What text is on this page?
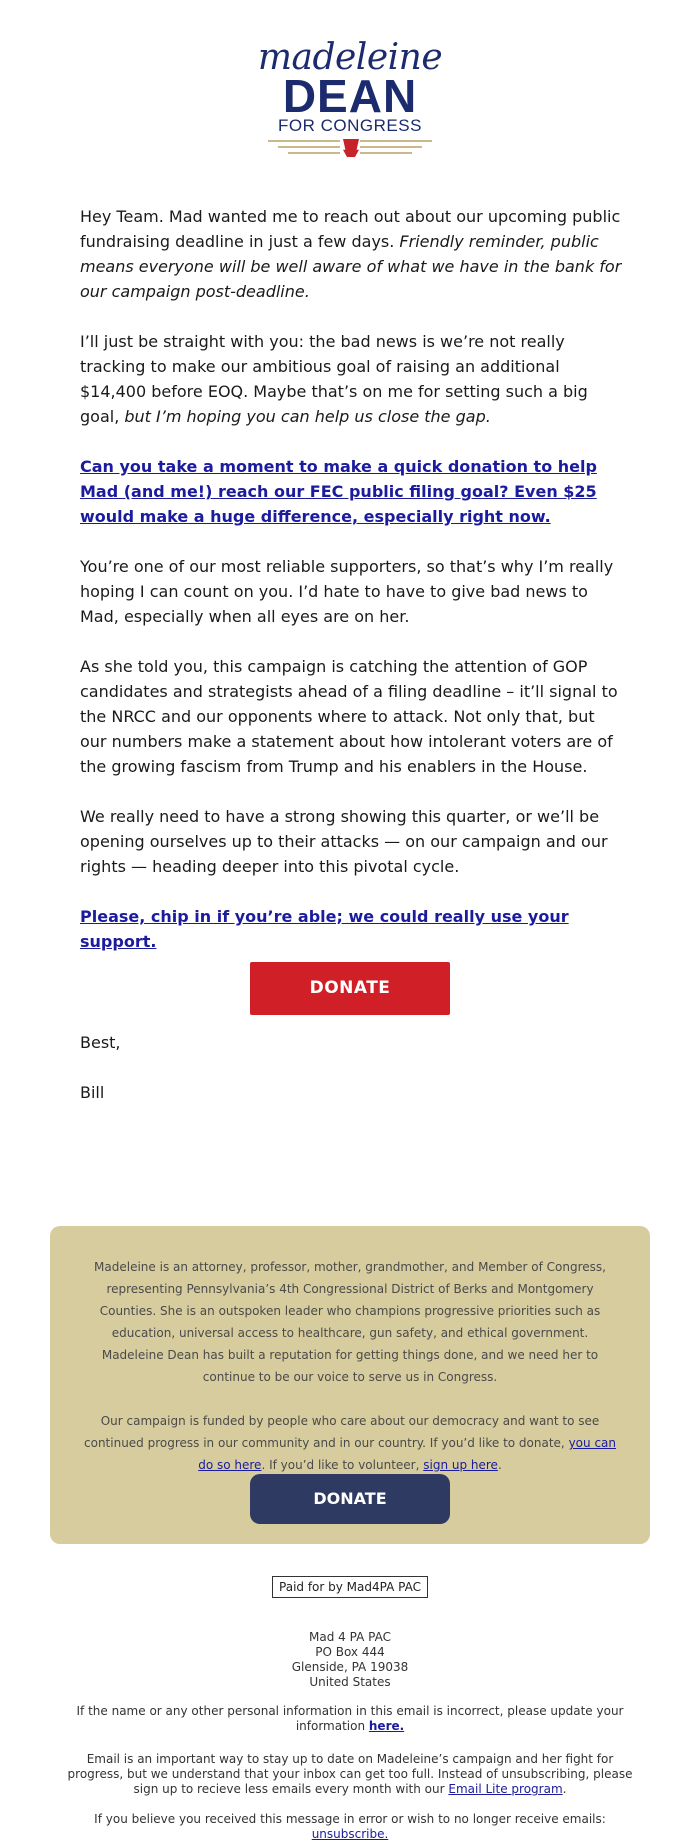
madeleine
DEAN
FOR CONGRESS

Hey Team. Mad wanted me to reach out about our upcoming public fundraising deadline in just a few days. Friendly reminder, public means everyone will be well aware of what we have in the bank for our campaign post-deadline.

I’ll just be straight with you: the bad news is we’re not really tracking to make our ambitious goal of raising an additional $14,400 before EOQ. Maybe that’s on me for setting such a big goal, but I’m hoping you can help us close the gap.

Can you take a moment to make a quick donation to help Mad (and me!) reach our FEC public filing goal? Even $25 would make a huge difference, especially right now.

You’re one of our most reliable supporters, so that’s why I’m really hoping I can count on you. I’d hate to have to give bad news to Mad, especially when all eyes are on her.

As she told you, this campaign is catching the attention of GOP candidates and strategists ahead of a filing deadline – it’ll signal to the NRCC and our opponents where to attack. Not only that, but our numbers make a statement about how intolerant voters are of the growing fascism from Trump and his enablers in the House.

We really need to have a strong showing this quarter, or we’ll be opening ourselves up to their attacks — on our campaign and our rights — heading deeper into this pivotal cycle.

Please, chip in if you’re able; we could really use your support.

DONATE

Best,

Bill

Madeleine is an attorney, professor, mother, grandmother, and Member of Congress, representing Pennsylvania’s 4th Congressional District of Berks and Montgomery Counties. She is an outspoken leader who champions progressive priorities such as education, universal access to healthcare, gun safety, and ethical government. Madeleine Dean has built a reputation for getting things done, and we need her to continue to be our voice to serve us in Congress.

Our campaign is funded by people who care about our democracy and want to see continued progress in our community and in our country. If you’d like to donate, you can do so here. If you’d like to volunteer, sign up here.

DONATE
Paid for by Mad4PA PAC
Mad 4 PA PAC
PO Box 444
Glenside, PA 19038
United States
If the name or any other personal information in this email is incorrect, please update your information here.
Email is an important way to stay up to date on Madeleine’s campaign and her fight for progress, but we understand that your inbox can get too full. Instead of unsubscribing, please sign up to recieve less emails every month with our Email Lite program.
If you believe you received this message in error or wish to no longer receive emails:
unsubscribe.
